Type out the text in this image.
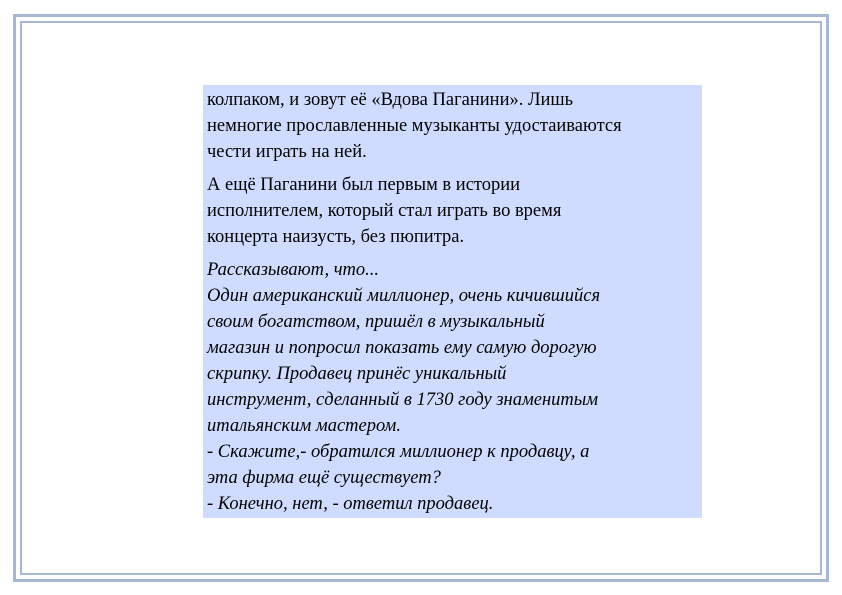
колпаком, и зовут её «Вдова Паганини». Лишь
немногие прославленные музыканты удостаиваются
чести играть на ней.

А ещё Паганини был первым в истории
исполнителем, который стал играть во время
концерта наизусть, без пюпитра.

Рассказывают, что...
Один американский миллионер, очень кичившийся
своим богатством, пришёл в музыкальный
магазин и попросил показать ему самую дорогую
скрипку. Продавец принёс уникальный
инструмент, сделанный в 1730 году знаменитым
итальянским мастером.
- Скажите,- обратился миллионер к продавцу, а
эта фирма ещё существует?
- Конечно, нет, - ответил продавец.
